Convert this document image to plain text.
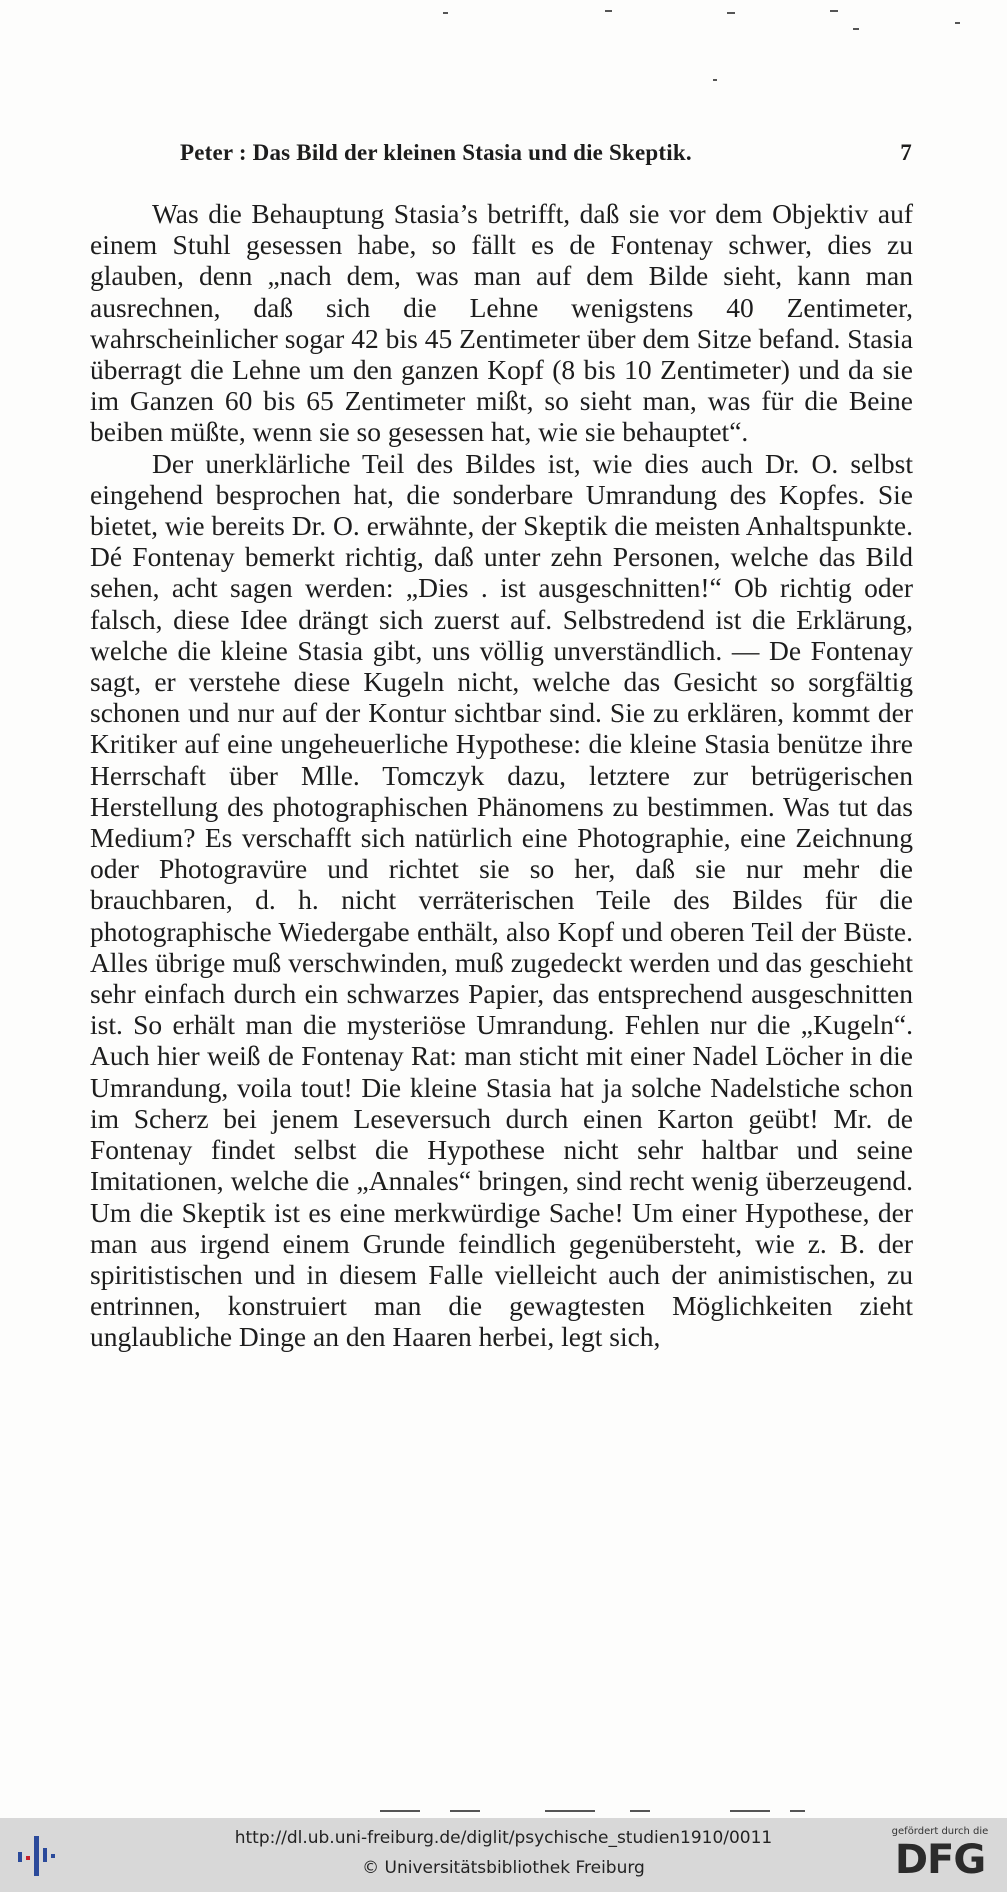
Peter : Das Bild der kleinen Stasia und die Skeptik.	7

Was die Behauptung Stasia’s betrifft, daß sie vor dem Objektiv auf einem Stuhl gesessen habe, so fällt es de Fontenay schwer, dies zu glauben, denn „nach dem, was man auf dem Bilde sieht, kann man ausrechnen, daß sich die Lehne wenigstens 40 Zentimeter, wahrscheinlicher sogar 42 bis 45 Zentimeter über dem Sitze befand. Stasia überragt die Lehne um den ganzen Kopf (8 bis 10 Zentimeter) und da sie im Ganzen 60 bis 65 Zentimeter mißt, so sieht man, was für die Beine beiben müßte, wenn sie so gesessen hat, wie sie behauptet“.

Der unerklärliche Teil des Bildes ist, wie dies auch Dr. O. selbst eingehend besprochen hat, die sonderbare Umrandung des Kopfes. Sie bietet, wie bereits Dr. O. erwähnte, der Skeptik die meisten Anhaltspunkte. Dé Fontenay bemerkt richtig, daß unter zehn Personen, welche das Bild sehen, acht sagen werden: „Dies . ist ausgeschnitten!“ Ob richtig oder falsch, diese Idee drängt sich zuerst auf. Selbstredend ist die Erklärung, welche die kleine Stasia gibt, uns völlig unverständlich. — De Fontenay sagt, er verstehe diese Kugeln nicht, welche das Gesicht so sorgfältig schonen und nur auf der Kontur sichtbar sind. Sie zu erklären, kommt der Kritiker auf eine ungeheuerliche Hypothese: die kleine Stasia benütze ihre Herrschaft über Mlle. Tomczyk dazu, letztere zur betrügerischen Herstellung des photographischen Phänomens zu bestimmen. Was tut das Medium? Es verschafft sich natürlich eine Photographie, eine Zeichnung oder Photogravüre und richtet sie so her, daß sie nur mehr die brauchbaren, d. h. nicht verräterischen Teile des Bildes für die photographische Wiedergabe enthält, also Kopf und oberen Teil der Büste. Alles übrige muß verschwinden, muß zugedeckt werden und das geschieht sehr einfach durch ein schwarzes Papier, das entsprechend ausgeschnitten ist. So erhält man die mysteriöse Umrandung. Fehlen nur die „Kugeln“. Auch hier weiß de Fontenay Rat: man sticht mit einer Nadel Löcher in die Umrandung, voila tout! Die kleine Stasia hat ja solche Nadelstiche schon im Scherz bei jenem Leseversuch durch einen Karton geübt! Mr. de Fontenay findet selbst die Hypothese nicht sehr haltbar und seine Imitationen, welche die „Annales“ bringen, sind recht wenig überzeugend. Um die Skeptik ist es eine merkwürdige Sache! Um einer Hypothese, der man aus irgend einem Grunde feindlich gegenübersteht, wie z. B. der spiritistischen und in diesem Falle vielleicht auch der animistischen, zu entrinnen, konstruiert man die gewagtesten Möglichkeiten zieht unglaubliche Dinge an den Haaren herbei, legt sich,

http://dl.ub.uni-freiburg.de/diglit/psychische_studien1910/0011
© Universitätsbibliothek Freiburg
gefördert durch die
DFG
